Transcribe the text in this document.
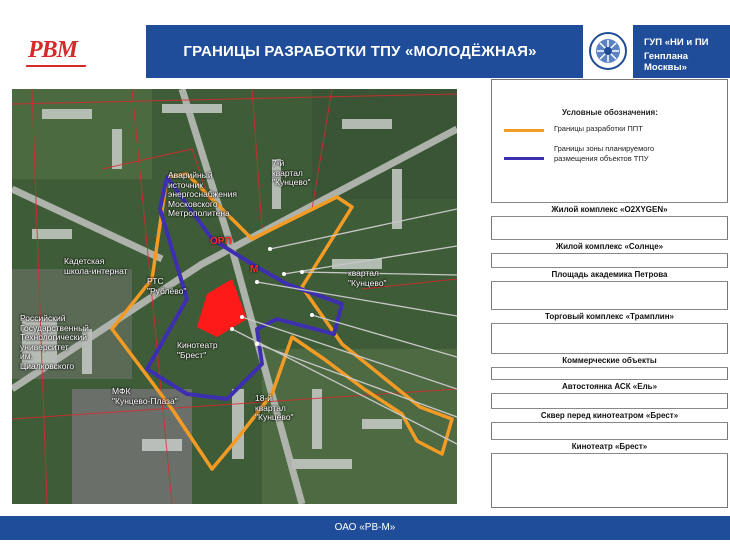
РВМ	ГРАНИЦЫ РАЗРАБОТКИ ТПУ «МОЛОДЁЖНАЯ»
ГУП «НИ и ПИ
Генплана Москвы»
Аварийный
источник
энергоснабжения
Московского
Метрополитена
7-й
квартал
"Кунцево"
Кадетская
школа-интернат
РТС
"Рублёво"
ОРП
М	квартал
"Кунцево"
Российский
Государственный
Технологический
университет
им.
Циалковского
Кинотеатр
"Брест"
МФК
"Кунцево-Плаза"	18-й
квартал
"Кунцево"
Условные обозначения:
Границы разработки ППТ
Границы зоны планируемого
размещения объектов ТПУ
Жилой комплекс «O2XYGEN»
Жилой комплекс «Солнце»
Площадь академика Петрова
Торговый комплекс «Трамплин»
Коммерческие объекты
Автостоянка АСК «Ель»
Сквер перед кинотеатром «Брест»
Кинотеатр «Брест»
ОАО «РВ-М»
